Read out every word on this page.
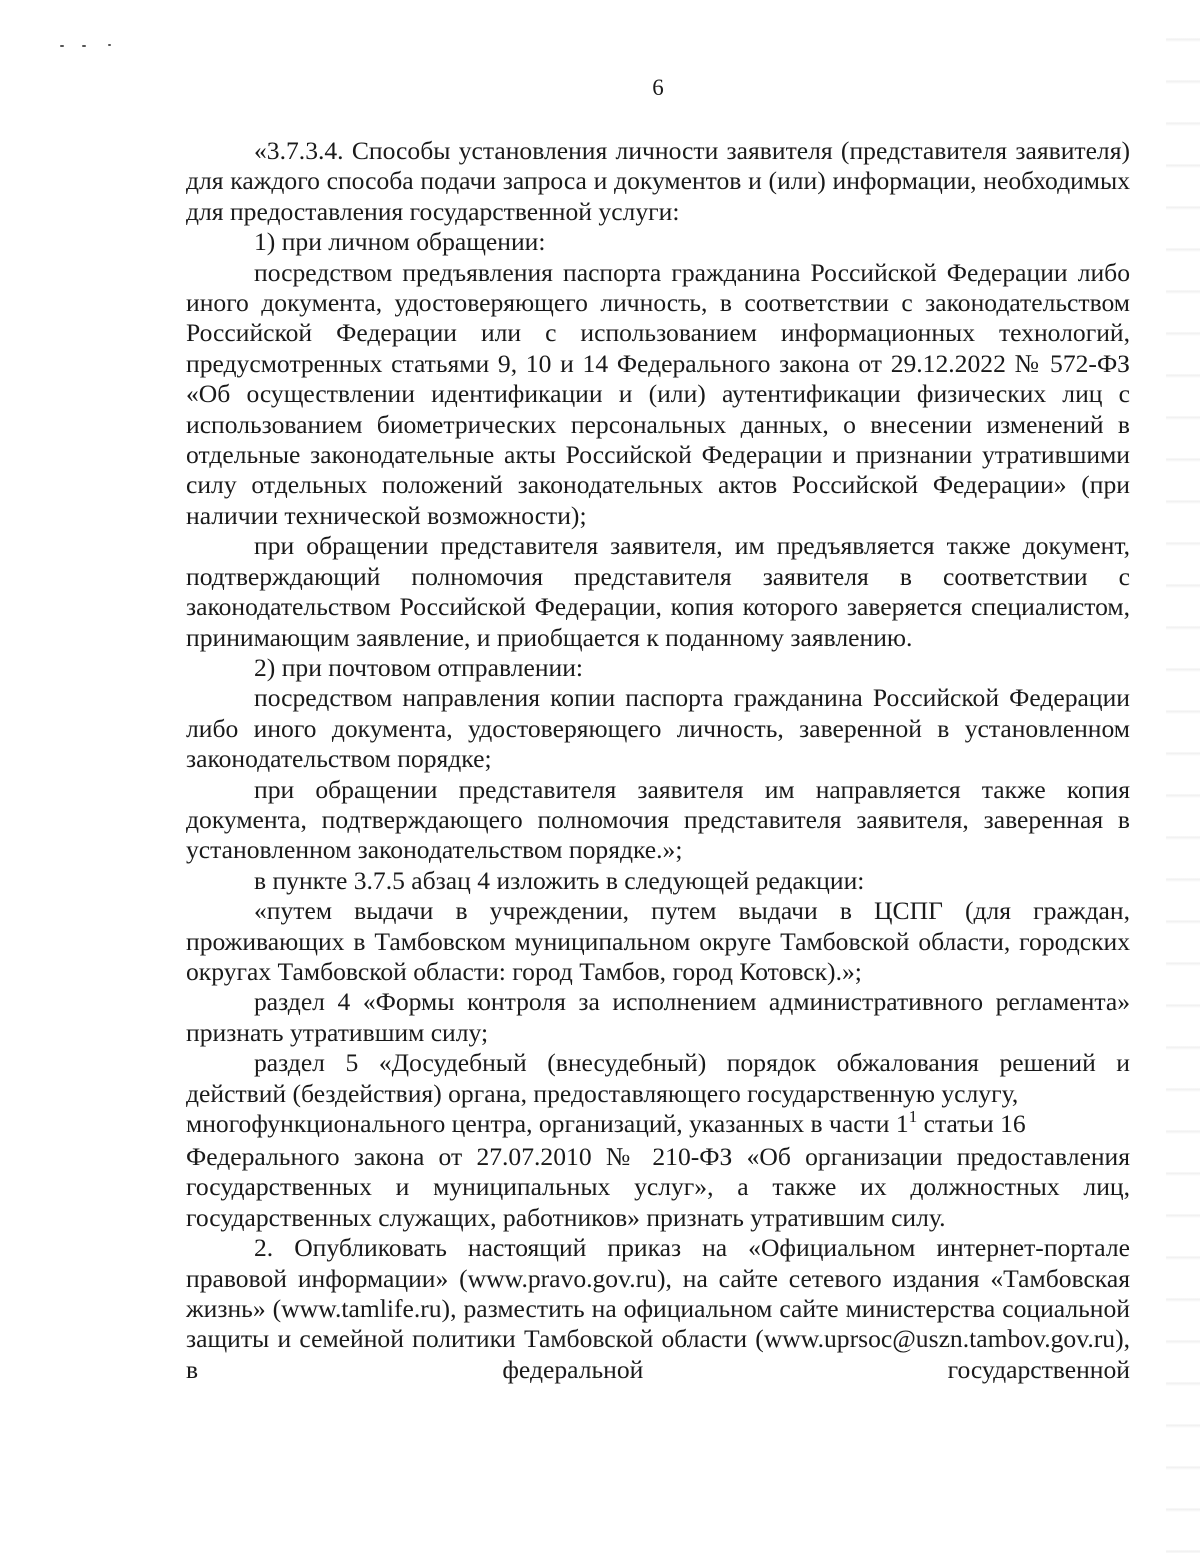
6

«3.7.3.4. Способы установления личности заявителя (представителя заявителя) для каждого способа подачи запроса и документов и (или) информации, необходимых для предоставления государственной услуги:

1) при личном обращении:

посредством предъявления паспорта гражданина Российской Федерации либо иного документа, удостоверяющего личность, в соответствии с законодательством Российской Федерации или с использованием информационных технологий, предусмотренных статьями 9, 10 и 14 Федерального закона от 29.12.2022 № 572-ФЗ «Об осуществлении идентификации и (или) аутентификации физических лиц с использованием биометрических персональных данных, о внесении изменений в отдельные законодательные акты Российской Федерации и признании утратившими силу отдельных положений законодательных актов Российской Федерации» (при наличии технической возможности);

при обращении представителя заявителя, им предъявляется также документ, подтверждающий полномочия представителя заявителя в соответствии с законодательством Российской Федерации, копия которого заверяется специалистом, принимающим заявление, и приобщается к поданному заявлению.

2) при почтовом отправлении:

посредством направления копии паспорта гражданина Российской Федерации либо иного документа, удостоверяющего личность, заверенной в установленном законодательством порядке;

при обращении представителя заявителя им направляется также копия документа, подтверждающего полномочия представителя заявителя, заверенная в установленном законодательством порядке.»;

в пункте 3.7.5 абзац 4 изложить в следующей редакции:

«путем выдачи в учреждении, путем выдачи в ЦСПГ (для граждан, проживающих в Тамбовском муниципальном округе Тамбовской области, городских округах Тамбовской области: город Тамбов, город Котовск).»;

раздел 4 «Формы контроля за исполнением административного регламента» признать утратившим силу;

раздел 5 «Досудебный (внесудебный) порядок обжалования решений и действий (бездействия) органа, предоставляющего государственную услугу,

многофункционального центра, организаций, указанных в части $1^1$ статьи 16

Федерального закона от 27.07.2010 № 210-ФЗ «Об организации предоставления государственных и муниципальных услуг», а также их должностных лиц, государственных служащих, работников» признать утратившим силу.

2. Опубликовать настоящий приказ на «Официальном интернет-портале правовой информации» (www.pravo.gov.ru), на сайте сетевого издания «Тамбовская жизнь» (www.tamlife.ru), разместить на официальном сайте министерства социальной защиты и семейной политики Тамбовской области (www.uprsoc@uszn.tambov.gov.ru), в федеральной государственной
